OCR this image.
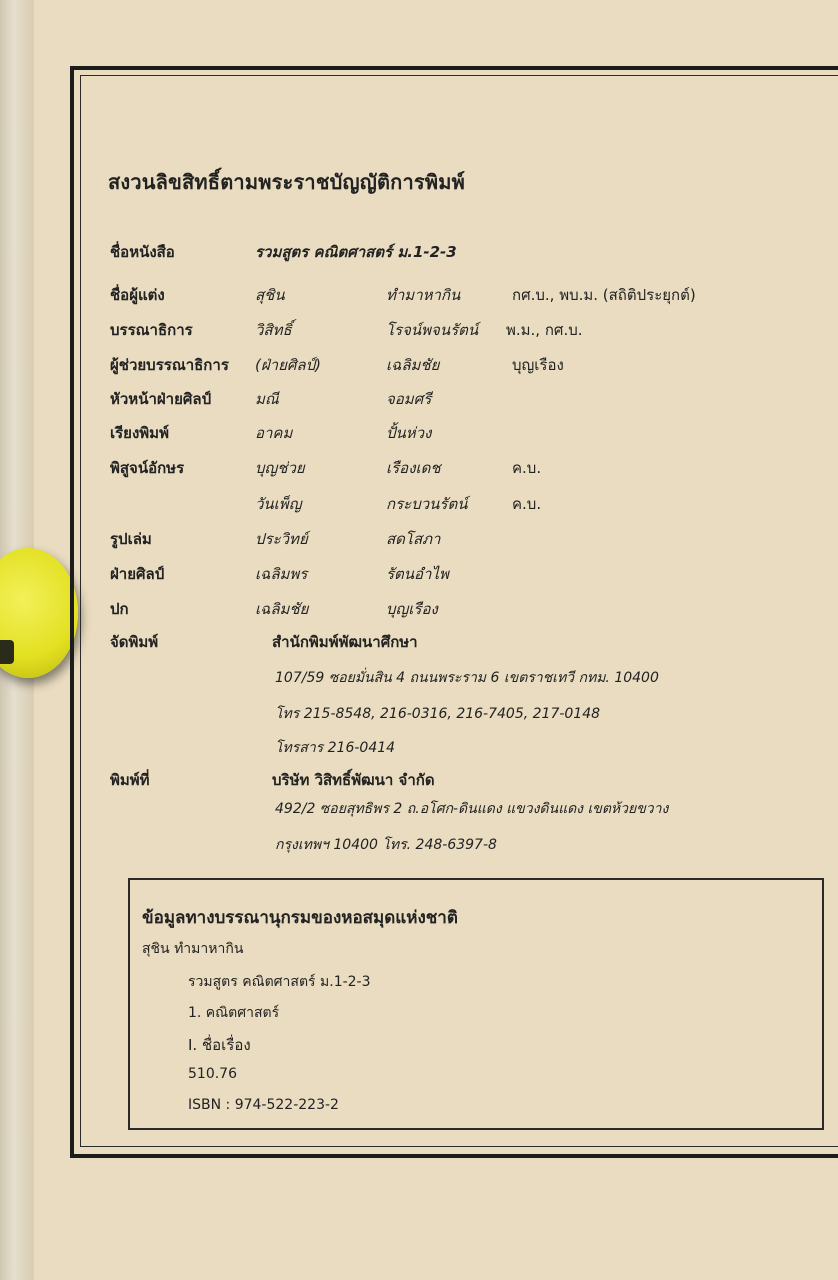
สงวนลิขสิทธิ์ตามพระราชบัญญัติการพิมพ์
ชื่อหนังสือ	รวมสูตร คณิตศาสตร์ ม.1-2-3
ชื่อผู้แต่ง	สุชิน	ทำมาหากิน	กศ.บ., พบ.ม. (สถิติประยุกต์)
บรรณาธิการ	วิสิทธิ์	โรจน์พจนรัตน์ พ.ม., กศ.บ.
ผู้ช่วยบรรณาธิการ (ฝ่ายศิลป์)	เฉลิมชัย	บุญเรือง
หัวหน้าฝ่ายศิลป์	มณี	จอมศรี
เรียงพิมพ์	อาคม	ปั้นห่วง
พิสูจน์อักษร	บุญช่วย	เรืองเดช	ค.บ.
วันเพ็ญ	กระบวนรัตน์	ค.บ.
รูปเล่ม	ประวิทย์	สดโสภา
ฝ่ายศิลป์	เฉลิมพร	รัตนอำไพ
ปก	เฉลิมชัย	บุญเรือง
จัดพิมพ์	สำนักพิมพ์พัฒนาศึกษา
107/59 ซอยมั่นสิน 4 ถนนพระราม 6 เขตราชเทวี กทม. 10400
โทร 215-8548, 216-0316, 216-7405, 217-0148
โทรสาร 216-0414
พิมพ์ที่	บริษัท วิสิทธิ์พัฒนา จำกัด
492/2 ซอยสุทธิพร 2 ถ.อโศก-ดินแดง แขวงดินแดง เขตห้วยขวาง
กรุงเทพฯ 10400 โทร. 248-6397-8
ข้อมูลทางบรรณานุกรมของหอสมุดแห่งชาติ
สุชิน ทำมาหากิน
รวมสูตร คณิตศาสตร์ ม.1-2-3
1. คณิตศาสตร์
I. ชื่อเรื่อง
510.76
ISBN : 974-522-223-2
